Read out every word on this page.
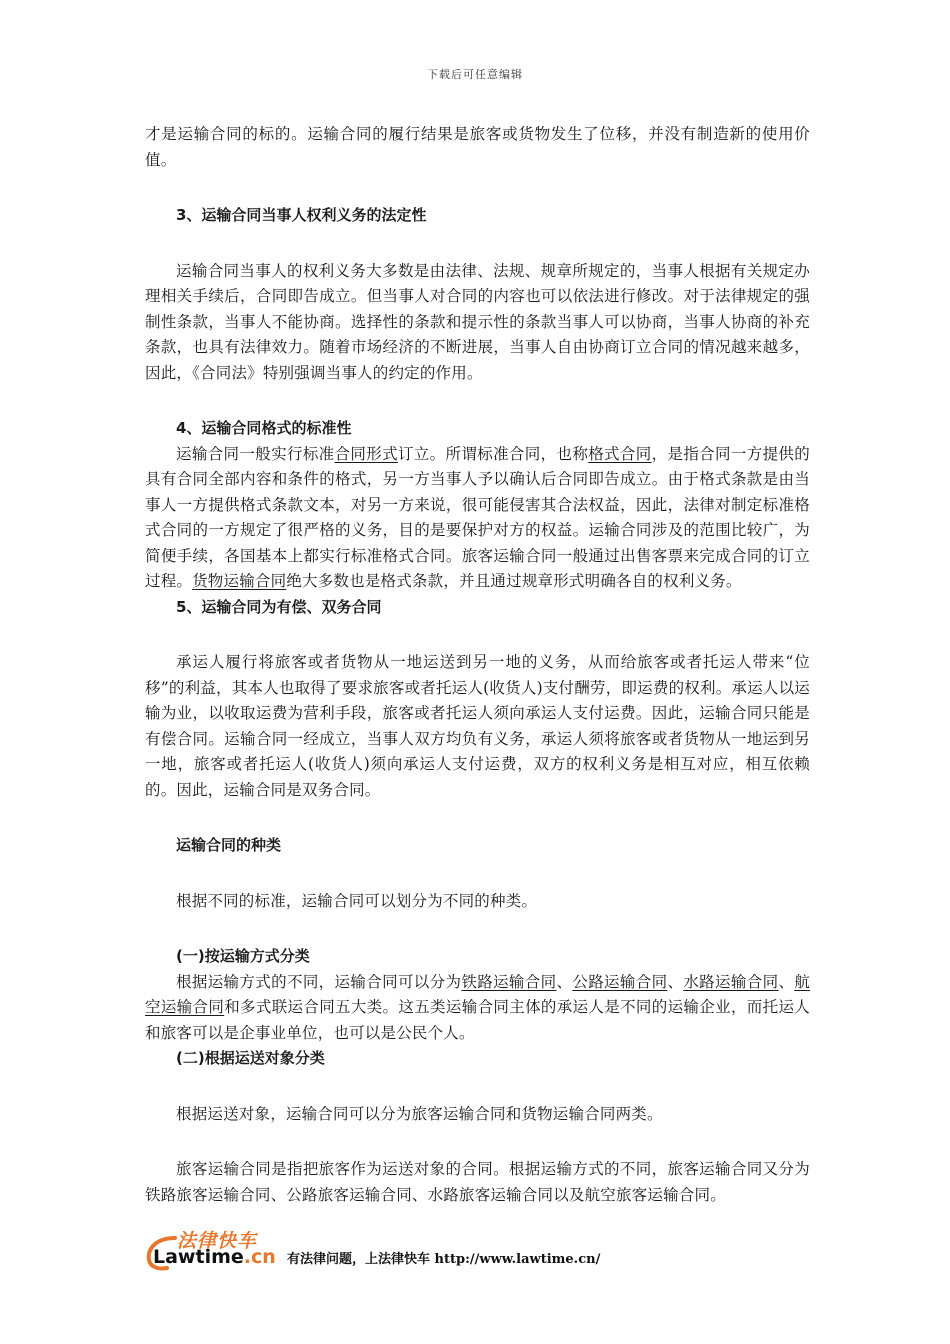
下载后可任意编辑

才是运输合同的标的。运输合同的履行结果是旅客或货物发生了位移，并没有制造新的使用价值。

3、运输合同当事人权利义务的法定性

运输合同当事人的权利义务大多数是由法律、法规、规章所规定的，当事人根据有关规定办理相关手续后，合同即告成立。但当事人对合同的内容也可以依法进行修改。对于法律规定的强制性条款，当事人不能协商。选择性的条款和提示性的条款当事人可以协商，当事人协商的补充条款，也具有法律效力。随着市场经济的不断进展，当事人自由协商订立合同的情况越来越多，因此，《合同法》特别强调当事人的约定的作用。

4、运输合同格式的标准性

运输合同一般实行标准合同形式订立。所谓标准合同，也称格式合同，是指合同一方提供的具有合同全部内容和条件的格式，另一方当事人予以确认后合同即告成立。由于格式条款是由当事人一方提供格式条款文本，对另一方来说，很可能侵害其合法权益，因此，法律对制定标准格式合同的一方规定了很严格的义务，目的是要保护对方的权益。运输合同涉及的范围比较广，为简便手续，各国基本上都实行标准格式合同。旅客运输合同一般通过出售客票来完成合同的订立过程。货物运输合同绝大多数也是格式条款，并且通过规章形式明确各自的权利义务。

5、运输合同为有偿、双务合同

承运人履行将旅客或者货物从一地运送到另一地的义务，从而给旅客或者托运人带来“位移”的利益，其本人也取得了要求旅客或者托运人(收货人)支付酬劳，即运费的权利。承运人以运输为业，以收取运费为营利手段，旅客或者托运人须向承运人支付运费。因此，运输合同只能是有偿合同。运输合同一经成立，当事人双方均负有义务，承运人须将旅客或者货物从一地运到另一地，旅客或者托运人(收货人)须向承运人支付运费，双方的权利义务是相互对应，相互依赖的。因此，运输合同是双务合同。

运输合同的种类

根据不同的标准，运输合同可以划分为不同的种类。

(一)按运输方式分类

根据运输方式的不同，运输合同可以分为铁路运输合同、公路运输合同、水路运输合同、航空运输合同和多式联运合同五大类。这五类运输合同主体的承运人是不同的运输企业，而托运人和旅客可以是企事业单位，也可以是公民个人。

(二)根据运送对象分类

根据运送对象，运输合同可以分为旅客运输合同和货物运输合同两类。

旅客运输合同是指把旅客作为运送对象的合同。根据运输方式的不同，旅客运输合同又分为铁路旅客运输合同、公路旅客运输合同、水路旅客运输合同以及航空旅客运输合同。

法律快车
Lawtime.cn 有法律问题，上法律快车 http://www.lawtime.cn/
